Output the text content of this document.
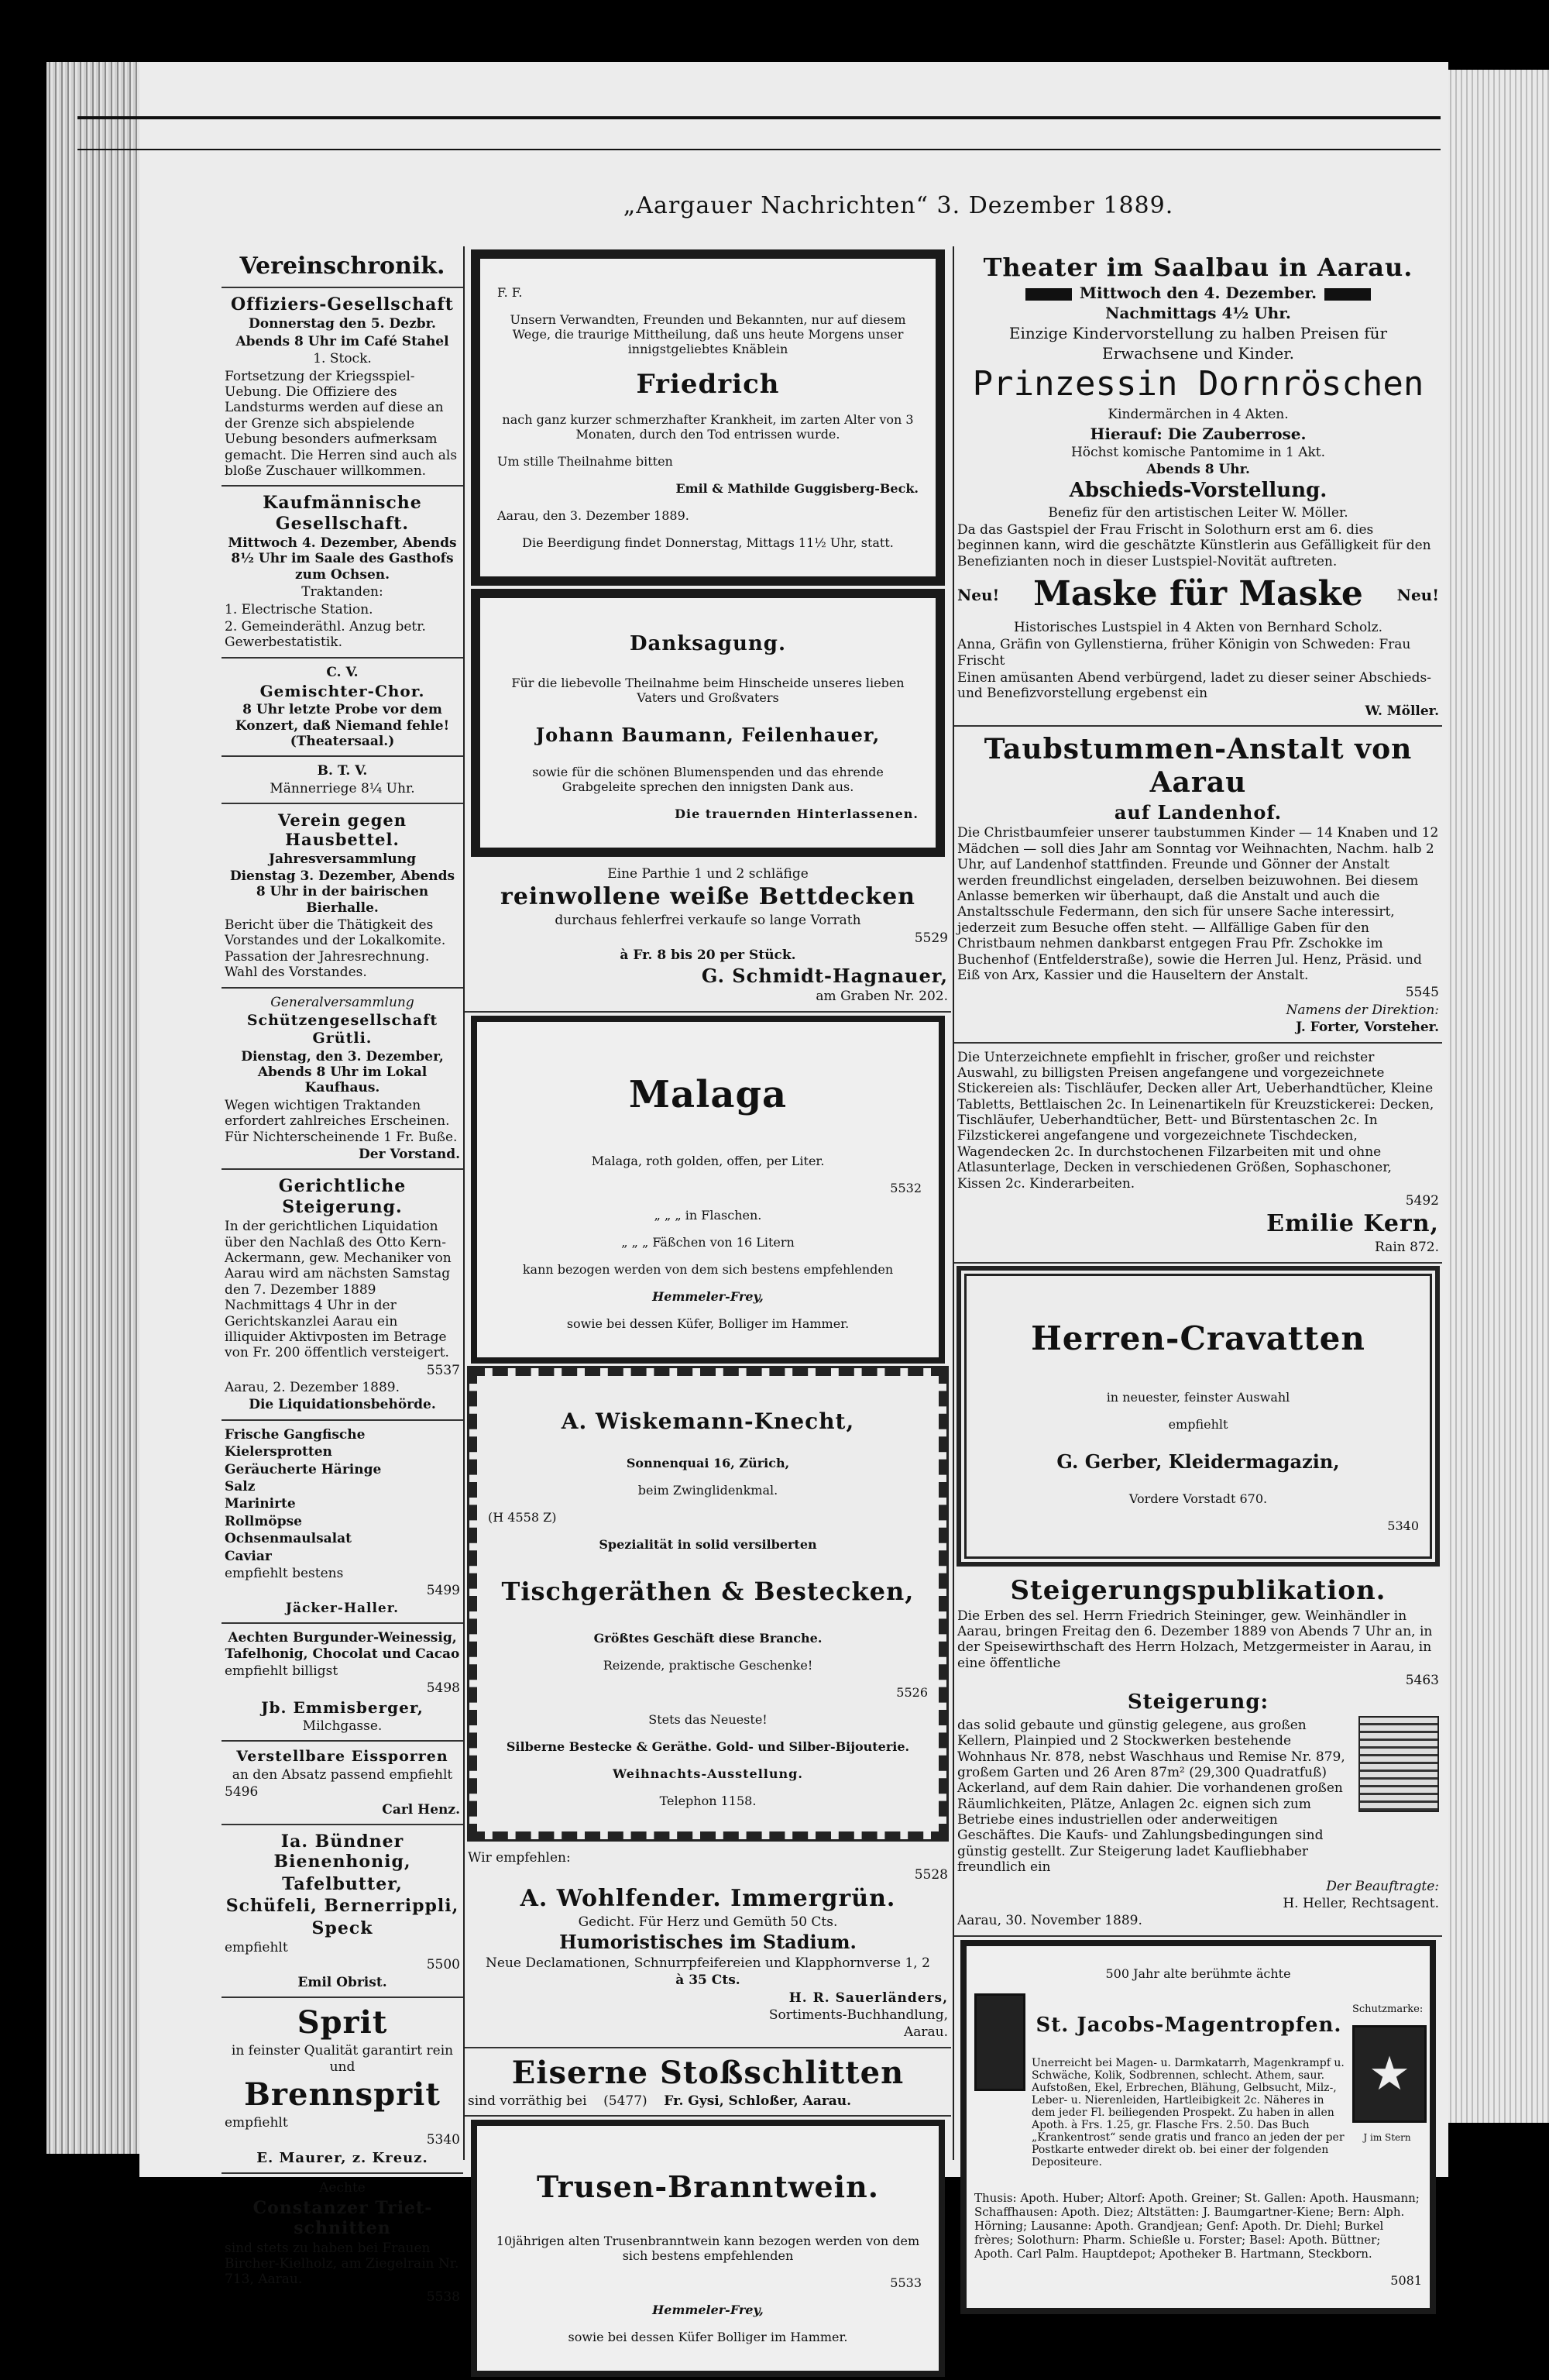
„Aargauer Nachrichten“ 3. Dezember 1889.

Vereinschronik.

Offiziers-Gesellschaft

Donnerstag den 5. Dezbr.

Abends 8 Uhr im Café Stahel

1. Stock.

Fortsetzung der Kriegsspiel-Uebung. Die Offiziere des Landsturms werden auf diese an der Grenze sich abspielende Uebung besonders aufmerksam gemacht. Die Herren sind auch als bloße Zuschauer willkommen.

Kaufmännische Gesellschaft.

Mittwoch 4. Dezember, Abends 8½ Uhr im Saale des Gasthofs zum Ochsen.

Traktanden:

1. Electrische Station.

2. Gemeinderäthl. Anzug betr. Gewerbestatistik.

C. V.

Gemischter-Chor.

8 Uhr letzte Probe vor dem Konzert, daß Niemand fehle! (Theatersaal.)

B. T. V.

Männerriege 8¼ Uhr.

Verein gegen Hausbettel.

Jahresversammlung

Dienstag 3. Dezember, Abends 8 Uhr in der bairischen Bierhalle.

Bericht über die Thätigkeit des Vorstandes und der Lokalkomite. Passation der Jahresrechnung. Wahl des Vorstandes.

Generalversammlung

Schützengesellschaft Grütli.

Dienstag, den 3. Dezember, Abends 8 Uhr im Lokal Kaufhaus.

Wegen wichtigen Traktanden erfordert zahlreiches Erscheinen. Für Nichterscheinende 1 Fr. Buße.

Der Vorstand.

Gerichtliche Steigerung.

In der gerichtlichen Liquidation über den Nachlaß des Otto Kern-Ackermann, gew. Mechaniker von Aarau wird am nächsten Samstag den 7. Dezember 1889 Nachmittags 4 Uhr in der Gerichtskanzlei Aarau ein illiquider Aktivposten im Betrage von Fr. 200 öffentlich versteigert.

5537

Aarau, 2. Dezember 1889.

Die Liquidationsbehörde.

Frische Gangfische

Kielersprotten

Geräucherte Häringe

Salz

Marinirte

Rollmöpse

Ochsenmaulsalat

Caviar

empfiehlt bestens

5499

Jäcker-Haller.

Aechten Burgunder-Weinessig, Tafelhonig, Chocolat und Cacao

empfiehlt billigst

5498

Jb. Emmisberger,

Milchgasse.

Verstellbare Eissporren

an den Absatz passend empfiehlt

5496

Carl Henz.

Ia. Bündner Bienenhonig,

Tafelbutter,

Schüfeli, Bernerrippli,

Speck

empfiehlt

5500

Emil Obrist.

Sprit

in feinster Qualität garantirt rein und

Brennsprit

empfiehlt

5340

E. Maurer, z. Kreuz.

Aechte

Constanzer Trietschnitten

sind stets zu haben bei Frauen Bircher-Kielholz, am Ziegelrain Nr. 713, Aarau.

5538

F. F.

Unsern Verwandten, Freunden und Bekannten, nur auf diesem Wege, die traurige Mittheilung, daß uns heute Morgens unser innigstgeliebtes Knäblein

Friedrich

nach ganz kurzer schmerzhafter Krankheit, im zarten Alter von 3 Monaten, durch den Tod entrissen wurde.

Um stille Theilnahme bitten

Emil & Mathilde Guggisberg-Beck.

Aarau, den 3. Dezember 1889.

Die Beerdigung findet Donnerstag, Mittags 11½ Uhr, statt.

Danksagung.

Für die liebevolle Theilnahme beim Hinscheide unseres lieben Vaters und Großvaters

Johann Baumann, Feilenhauer,

sowie für die schönen Blumenspenden und das ehrende Grabgeleite sprechen den innigsten Dank aus.

Die trauernden Hinterlassenen.

Eine Parthie 1 und 2 schläfige

reinwollene weiße Bettdecken

durchaus fehlerfrei verkaufe so lange Vorrath

5529

à Fr. 8 bis 20 per Stück.

G. Schmidt-Hagnauer,

am Graben Nr. 202.

Malaga

Malaga, roth golden, offen, per Liter.

5532

„ „ „ in Flaschen.

„ „ „ Fäßchen von 16 Litern

kann bezogen werden von dem sich bestens empfehlenden

Hemmeler-Frey,

sowie bei dessen Küfer, Bolliger im Hammer.

A. Wiskemann-Knecht,

Sonnenquai 16, Zürich,

beim Zwinglidenkmal.

(H 4558 Z)

Spezialität in solid versilberten

Tischgeräthen & Bestecken,

Größtes Geschäft diese Branche.

Reizende, praktische Geschenke!

5526

Stets das Neueste!

Silberne Bestecke & Geräthe. Gold- und Silber-Bijouterie.

Weihnachts-Ausstellung.

Telephon 1158.

Wir empfehlen:

5528

A. Wohlfender. Immergrün.

Gedicht. Für Herz und Gemüth 50 Cts.

Humoristisches im Stadium.

Neue Declamationen, Schnurrpfeifereien und Klapphornverse 1, 2

à 35 Cts.

H. R. Sauerländers,

Sortiments-Buchhandlung,

Aarau.

Eiserne Stoßschlitten

sind vorräthig bei (5477) Fr. Gysi, Schloßer, Aarau.

Trusen-Branntwein.

10jährigen alten Trusenbranntwein kann bezogen werden von dem sich bestens empfehlenden

5533

Hemmeler-Frey,

sowie bei dessen Küfer Bolliger im Hammer.

Theater im Saalbau in Aarau.

Mittwoch den 4. Dezember.

Nachmittags 4½ Uhr.

Einzige Kindervorstellung zu halben Preisen für

Erwachsene und Kinder.

Prinzessin Dornröschen

Kindermärchen in 4 Akten.

Hierauf: Die Zauberrose.

Höchst komische Pantomime in 1 Akt.

Abends 8 Uhr.

Abschieds-Vorstellung.

Benefiz für den artistischen Leiter W. Möller.

Da das Gastspiel der Frau Frischt in Solothurn erst am 6. dies beginnen kann, wird die geschätzte Künstlerin aus Gefälligkeit für den Benefizianten noch in dieser Lustspiel-Novität auftreten.

Neu! Maske für Maske Neu!

Historisches Lustspiel in 4 Akten von Bernhard Scholz.

Anna, Gräfin von Gyllenstierna, früher Königin von Schweden: Frau Frischt

Einen amüsanten Abend verbürgend, ladet zu dieser seiner Abschieds- und Benefizvorstellung ergebenst ein

W. Möller.

Taubstummen-Anstalt von Aarau

auf Landenhof.

Die Christbaumfeier unserer taubstummen Kinder — 14 Knaben und 12 Mädchen — soll dies Jahr am Sonntag vor Weihnachten, Nachm. halb 2 Uhr, auf Landenhof stattfinden. Freunde und Gönner der Anstalt werden freundlichst eingeladen, derselben beizuwohnen. Bei diesem Anlasse bemerken wir überhaupt, daß die Anstalt und auch die Anstaltsschule Federmann, den sich für unsere Sache interessirt, jederzeit zum Besuche offen steht. — Allfällige Gaben für den Christbaum nehmen dankbarst entgegen Frau Pfr. Zschokke im Buchenhof (Entfelderstraße), sowie die Herren Jul. Henz, Präsid. und Eiß von Arx, Kassier und die Hauseltern der Anstalt.

5545

Namens der Direktion:

J. Forter, Vorsteher.

Die Unterzeichnete empfiehlt in frischer, großer und reichster Auswahl, zu billigsten Preisen angefangene und vorgezeichnete Stickereien als: Tischläufer, Decken aller Art, Ueberhandtücher, Kleine Tabletts, Bettlaischen 2c. In Leinenartikeln für Kreuzstickerei: Decken, Tischläufer, Ueberhandtücher, Bett- und Bürstentaschen 2c. In Filzstickerei angefangene und vorgezeichnete Tischdecken, Wagendecken 2c. In durchstochenen Filzarbeiten mit und ohne Atlasunterlage, Decken in verschiedenen Größen, Sophaschoner, Kissen 2c. Kinderarbeiten.

5492

Emilie Kern,

Rain 872.

Herren-Cravatten

in neuester, feinster Auswahl

empfiehlt

G. Gerber, Kleidermagazin,

Vordere Vorstadt 670.

5340

Steigerungspublikation.

Die Erben des sel. Herrn Friedrich Steininger, gew. Weinhändler in Aarau, bringen Freitag den 6. Dezember 1889 von Abends 7 Uhr an, in der Speisewirthschaft des Herrn Holzach, Metzgermeister in Aarau, in eine öffentliche

5463

Steigerung:

das solid gebaute und günstig gelegene, aus großen Kellern, Plainpied und 2 Stockwerken bestehende Wohnhaus Nr. 878, nebst Waschhaus und Remise Nr. 879, großem Garten und 26 Aren 87m² (29,300 Quadratfuß) Ackerland, auf dem Rain dahier. Die vorhandenen großen Räumlichkeiten, Plätze, Anlagen 2c. eignen sich zum Betriebe eines industriellen oder anderweitigen Geschäftes. Die Kaufs- und Zahlungsbedingungen sind günstig gestellt. Zur Steigerung ladet Kaufliebhaber freundlich ein

Der Beauftragte:

H. Heller, Rechtsagent.

Aarau, 30. November 1889.

500 Jahr alte berühmte ächte

St. Jacobs-Magentropfen.

Unerreicht bei Magen- u. Darmkatarrh, Magenkrampf u. Schwäche, Kolik, Sodbrennen, schlecht. Athem, saur. Aufstoßen, Ekel, Erbrechen, Blähung, Gelbsucht, Milz-, Leber- u. Nierenleiden, Hartleibigkeit 2c. Näheres in dem jeder Fl. beiliegenden Prospekt. Zu haben in allen Apoth. à Frs. 1.25, gr. Flasche Frs. 2.50. Das Buch „Krankentrost“ sende gratis und franco an jeden der per Postkarte entweder direkt ob. bei einer der folgenden Depositeure.

Schutzmarke:

★

J im Stern

Thusis: Apoth. Huber; Altorf: Apoth. Greiner; St. Gallen: Apoth. Hausmann; Schaffhausen: Apoth. Diez; Altstätten: J. Baumgartner-Kiene; Bern: Alph. Hörning; Lausanne: Apoth. Grandjean; Genf: Apoth. Dr. Diehl; Burkel frères; Solothurn: Pharm. Schießle u. Forster; Basel: Apoth. Büttner; Apoth. Carl Palm. Hauptdepot; Apotheker B. Hartmann, Steckborn.

5081
